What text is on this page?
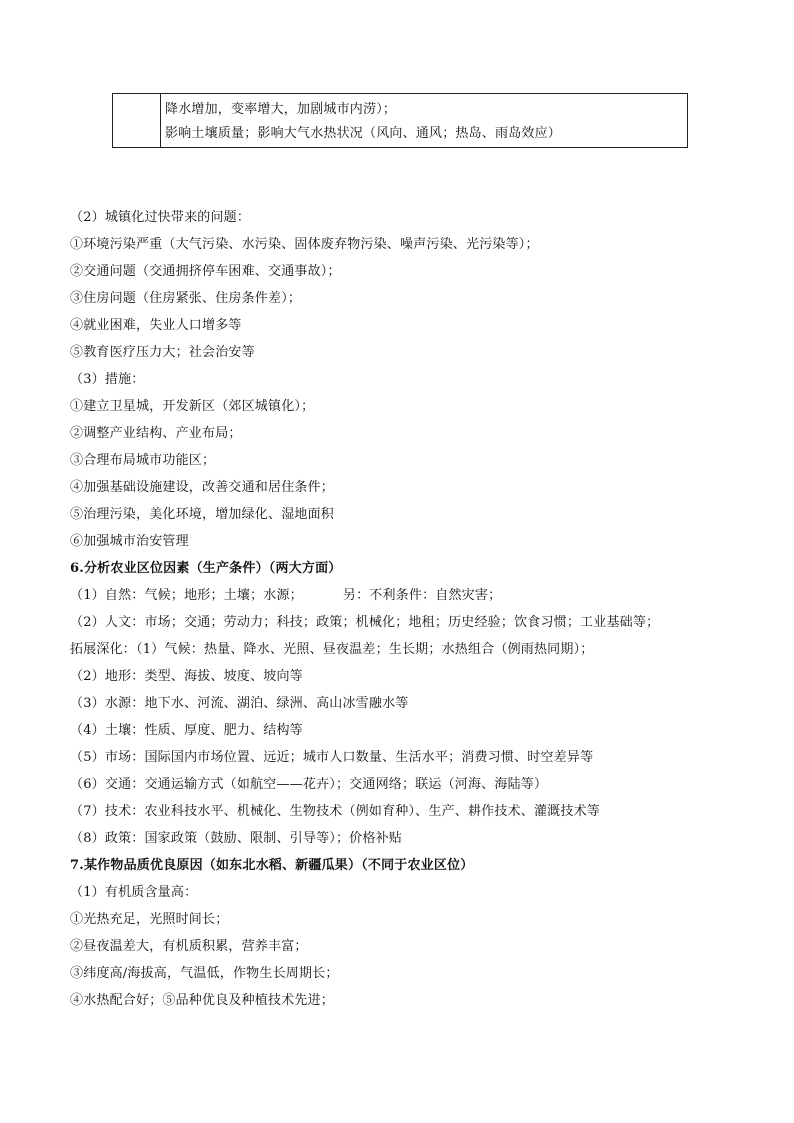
降水增加，变率增大，加剧城市内涝）；
影响土壤质量；影响大气水热状况（风向、通风；热岛、雨岛效应）
（2）城镇化过快带来的问题：
①环境污染严重（大气污染、水污染、固体废弃物污染、噪声污染、光污染等）；
②交通问题（交通拥挤停车困难、交通事故）；
③住房问题（住房紧张、住房条件差）；
④就业困难，失业人口增多等
⑤教育医疗压力大；社会治安等
（3）措施：
①建立卫星城，开发新区（郊区城镇化）；
②调整产业结构、产业布局；
③合理布局城市功能区；
④加强基础设施建设，改善交通和居住条件；
⑤治理污染，美化环境，增加绿化、湿地面积
⑥加强城市治安管理
6.分析农业区位因素（生产条件）（两大方面）
（1）自然：气候；地形；土壤；水源；	另：不利条件：自然灾害；
（2）人文：市场；交通；劳动力；科技；政策；机械化；地租；历史经验；饮食习惯；工业基础等；
拓展深化：（1）气候：热量、降水、光照、昼夜温差；生长期；水热组合（例雨热同期）；
（2）地形：类型、海拔、坡度、坡向等
（3）水源：地下水、河流、湖泊、绿洲、高山冰雪融水等
（4）土壤：性质、厚度、肥力、结构等
（5）市场：国际国内市场位置、远近；城市人口数量、生活水平；消费习惯、时空差异等
（6）交通：交通运输方式（如航空——花卉）；交通网络；联运（河海、海陆等）
（7）技术：农业科技水平、机械化、生物技术（例如育种）、生产、耕作技术、灌溉技术等
（8）政策：国家政策（鼓励、限制、引导等）；价格补贴
7.某作物品质优良原因（如东北水稻、新疆瓜果）（不同于农业区位）
（1）有机质含量高：
①光热充足，光照时间长；
②昼夜温差大，有机质积累，营养丰富；
③纬度高/海拔高，气温低，作物生长周期长；
④水热配合好；⑤品种优良及种植技术先进；
